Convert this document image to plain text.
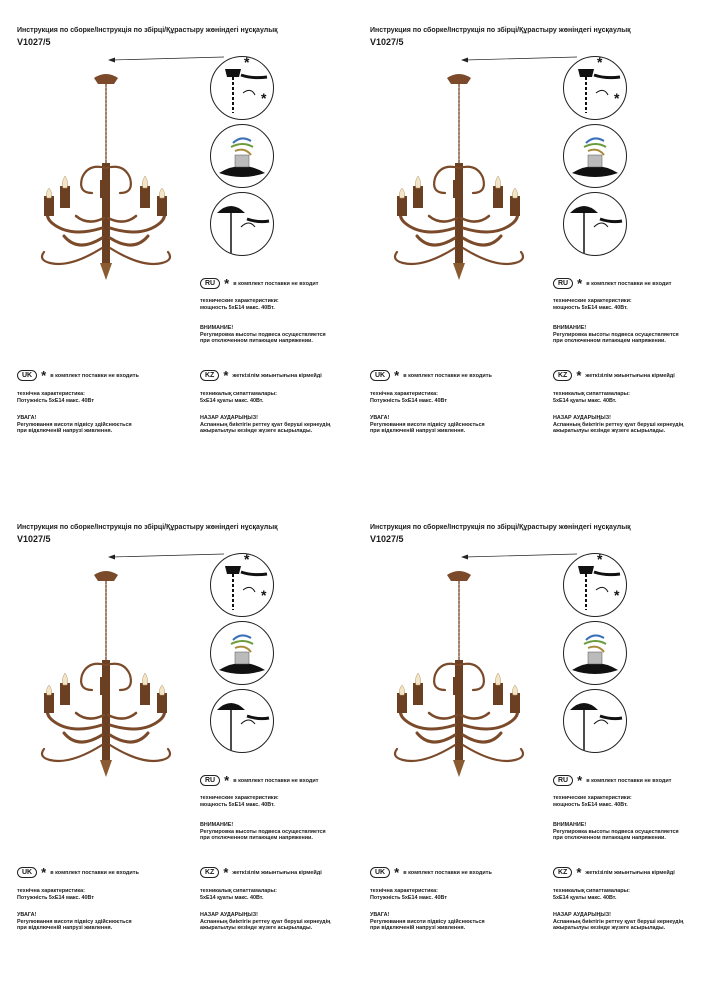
Инструкция по сборке/Інструкція по збірці/Құрастыру жөніндегі нұсқаулық
V1027/5
*
*
RU * в комплект поставки не входит
технические характеристики:
мощность 5хЕ14 макс. 40Вт.
ВНИМАНИЕ!
Регулировка высоты подвеса осуществляется
при отключенном питающем напряжении.
UK * в комплект поставки не входить
технічна характеристика:
Потужність 5хЕ14 макс. 40Вт
УВАГА!
Регулювання висоти підвісу здійснюється
при відключеній напрузі живлення.
KZ * жеткізілім жиынтығына кірмейді
техникалық сипаттамалары:
5хЕ14 қуаты макс. 40Вт.
НАЗАР АУДАРЫҢЫЗ!
Аспанның биіктігін реттеу қуат беруші кернеудің
ажыратылуы кезінде жүзеге асырылады.
Инструкция по сборке/Інструкція по збірці/Құрастыру жөніндегі нұсқаулық
V1027/5
*
*
RU * в комплект поставки не входит
технические характеристики:
мощность 5хЕ14 макс. 40Вт.
ВНИМАНИЕ!
Регулировка высоты подвеса осуществляется
при отключенном питающем напряжении.
UK * в комплект поставки не входить
технічна характеристика:
Потужність 5хЕ14 макс. 40Вт
УВАГА!
Регулювання висоти підвісу здійснюється
при відключеній напрузі живлення.
KZ * жеткізілім жиынтығына кірмейді
техникалық сипаттамалары:
5хЕ14 қуаты макс. 40Вт.
НАЗАР АУДАРЫҢЫЗ!
Аспанның биіктігін реттеу қуат беруші кернеудің
ажыратылуы кезінде жүзеге асырылады.
Инструкция по сборке/Інструкція по збірці/Құрастыру жөніндегі нұсқаулық
V1027/5
*
*
RU * в комплект поставки не входит
технические характеристики:
мощность 5хЕ14 макс. 40Вт.
ВНИМАНИЕ!
Регулировка высоты подвеса осуществляется
при отключенном питающем напряжении.
UK * в комплект поставки не входить
технічна характеристика:
Потужність 5хЕ14 макс. 40Вт
УВАГА!
Регулювання висоти підвісу здійснюється
при відключеній напрузі живлення.
KZ * жеткізілім жиынтығына кірмейді
техникалық сипаттамалары:
5хЕ14 қуаты макс. 40Вт.
НАЗАР АУДАРЫҢЫЗ!
Аспанның биіктігін реттеу қуат беруші кернеудің
ажыратылуы кезінде жүзеге асырылады.
Инструкция по сборке/Інструкція по збірці/Құрастыру жөніндегі нұсқаулық
V1027/5
*
*
RU * в комплект поставки не входит
технические характеристики:
мощность 5хЕ14 макс. 40Вт.
ВНИМАНИЕ!
Регулировка высоты подвеса осуществляется
при отключенном питающем напряжении.
UK * в комплект поставки не входить
технічна характеристика:
Потужність 5хЕ14 макс. 40Вт
УВАГА!
Регулювання висоти підвісу здійснюється
при відключеній напрузі живлення.
KZ * жеткізілім жиынтығына кірмейді
техникалық сипаттамалары:
5хЕ14 қуаты макс. 40Вт.
НАЗАР АУДАРЫҢЫЗ!
Аспанның биіктігін реттеу қуат беруші кернеудің
ажыратылуы кезінде жүзеге асырылады.
